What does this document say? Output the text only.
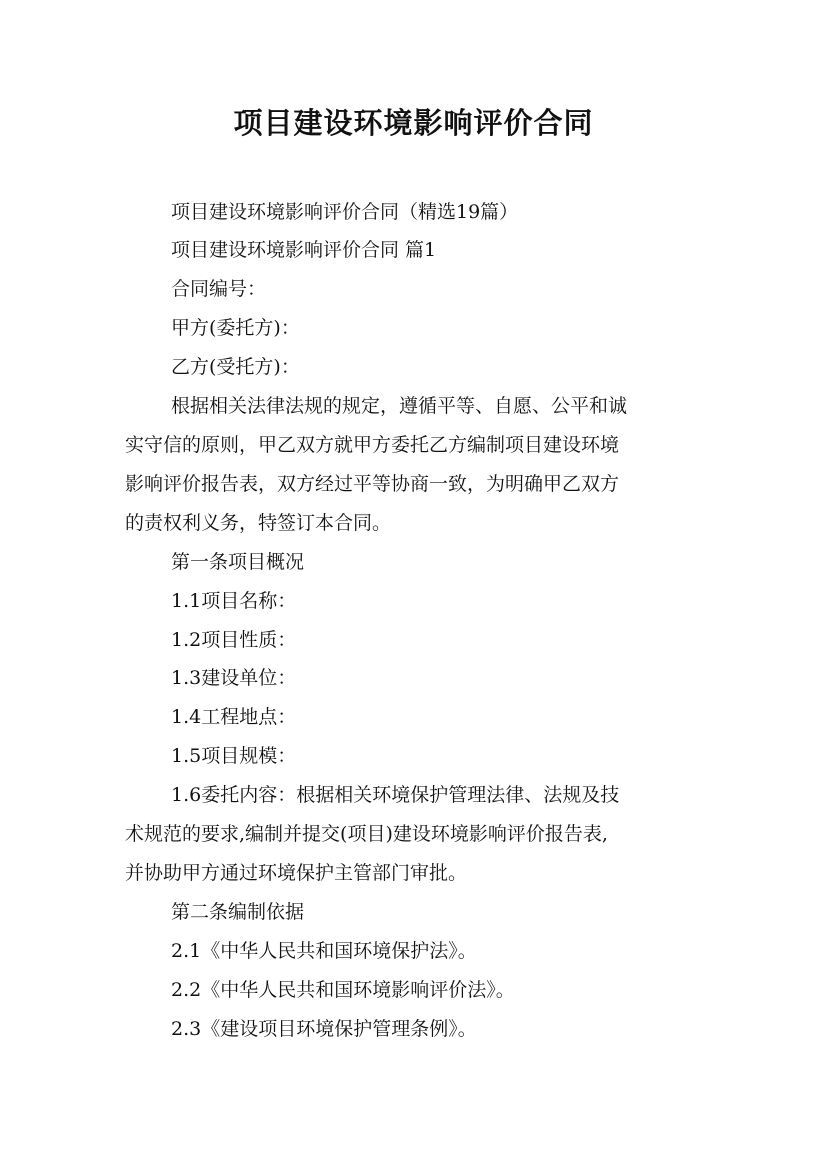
项目建设环境影响评价合同

项目建设环境影响评价合同（精选19篇）

项目建设环境影响评价合同 篇1

合同编号：

甲方(委托方)：

乙方(受托方)：

根据相关法律法规的规定，遵循平等、自愿、公平和诚

实守信的原则，甲乙双方就甲方委托乙方编制项目建设环境

影响评价报告表，双方经过平等协商一致，为明确甲乙双方

的责权利义务，特签订本合同。

第一条项目概况

1.1项目名称：

1.2项目性质：

1.3建设单位：

1.4工程地点：

1.5项目规模：

1.6委托内容：根据相关环境保护管理法律、法规及技

术规范的要求,编制并提交(项目)建设环境影响评价报告表,

并协助甲方通过环境保护主管部门审批。

第二条编制依据

2.1《中华人民共和国环境保护法》。

2.2《中华人民共和国环境影响评价法》。

2.3《建设项目环境保护管理条例》。
